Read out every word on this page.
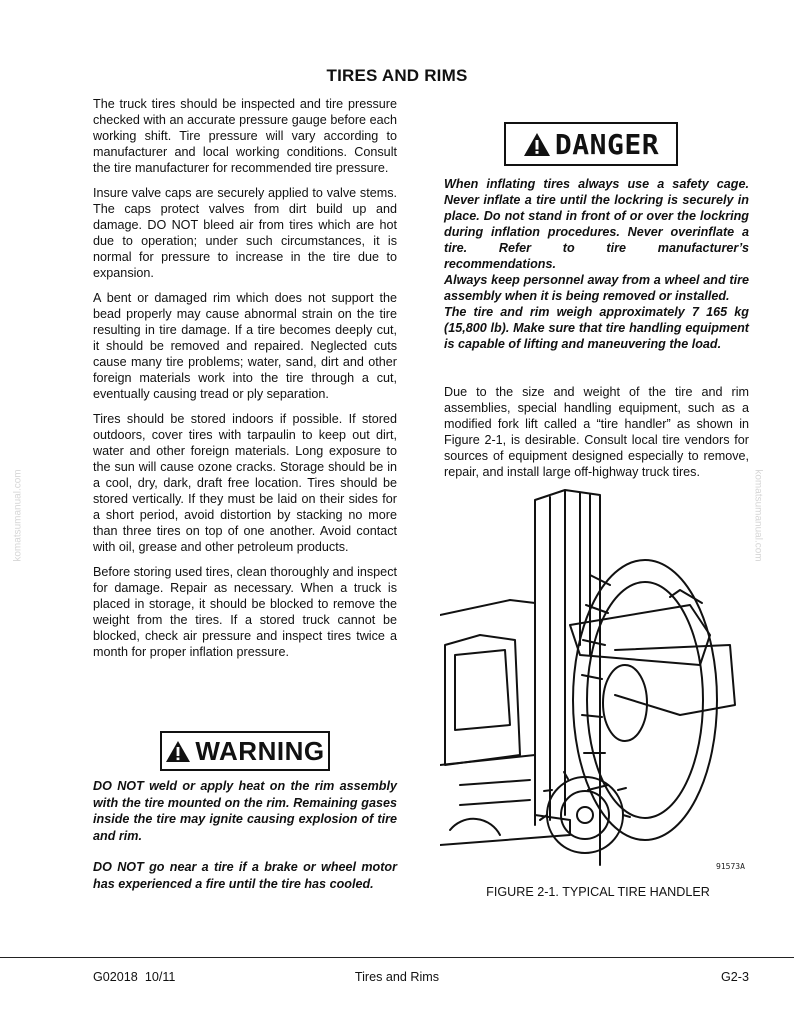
komatsumanual.com	komatsumanual.com
TIRES AND RIMS

The truck tires should be inspected and tire pressure checked with an accurate pressure gauge before each working shift. Tire pressure will vary according to manufacturer and local working conditions. Consult the tire manufacturer for recommended tire pressure.

Insure valve caps are securely applied to valve stems. The caps protect valves from dirt build up and damage. DO NOT bleed air from tires which are hot due to operation; under such circumstances, it is normal for pressure to increase in the tire due to expansion.

A bent or damaged rim which does not support the bead properly may cause abnormal strain on the tire resulting in tire damage. If a tire becomes deeply cut, it should be removed and repaired. Neglected cuts cause many tire problems; water, sand, dirt and other foreign materials work into the tire through a cut, eventually causing tread or ply separation.

Tires should be stored indoors if possible. If stored outdoors, cover tires with tarpaulin to keep out dirt, water and other foreign materials. Long exposure to the sun will cause ozone cracks. Storage should be in a cool, dry, dark, draft free location. Tires should be stored vertically. If they must be laid on their sides for a short period, avoid distortion by stacking no more than three tires on top of one another. Avoid contact with oil, grease and other petroleum products.

Before storing used tires, clean thoroughly and inspect for damage. Repair as necessary. When a truck is placed in storage, it should be blocked to remove the weight from the tires. If a stored truck cannot be blocked, check air pressure and inspect tires twice a month for proper inflation pressure.

WARNING

DO NOT weld or apply heat on the rim assembly with the tire mounted on the rim. Remaining gases inside the tire may ignite causing explosion of tire and rim.

DO NOT go near a tire if a brake or wheel motor has experienced a fire until the tire has cooled.

DANGER

When inflating tires always use a safety cage. Never inflate a tire until the lockring is securely in place. Do not stand in front of or over the lockring during inflation procedures. Never overinflate a tire. Refer to tire manufacturer’s recommendations.

Always keep personnel away from a wheel and tire assembly when it is being removed or installed.

The tire and rim weigh approximately 7 165 kg (15,800 lb). Make sure that tire handling equipment is capable of lifting and maneuvering the load.

Due to the size and weight of the tire and rim assemblies, special handling equipment, such as a modified fork lift called a “tire handler” as shown in Figure 2-1, is desirable. Consult local tire vendors for sources of equipment designed especially to remove, repair, and install large off-highway truck tires.

91573A
FIGURE 2-1. TYPICAL TIRE HANDLER
G02018  10/11	Tires and Rims	G2-3
